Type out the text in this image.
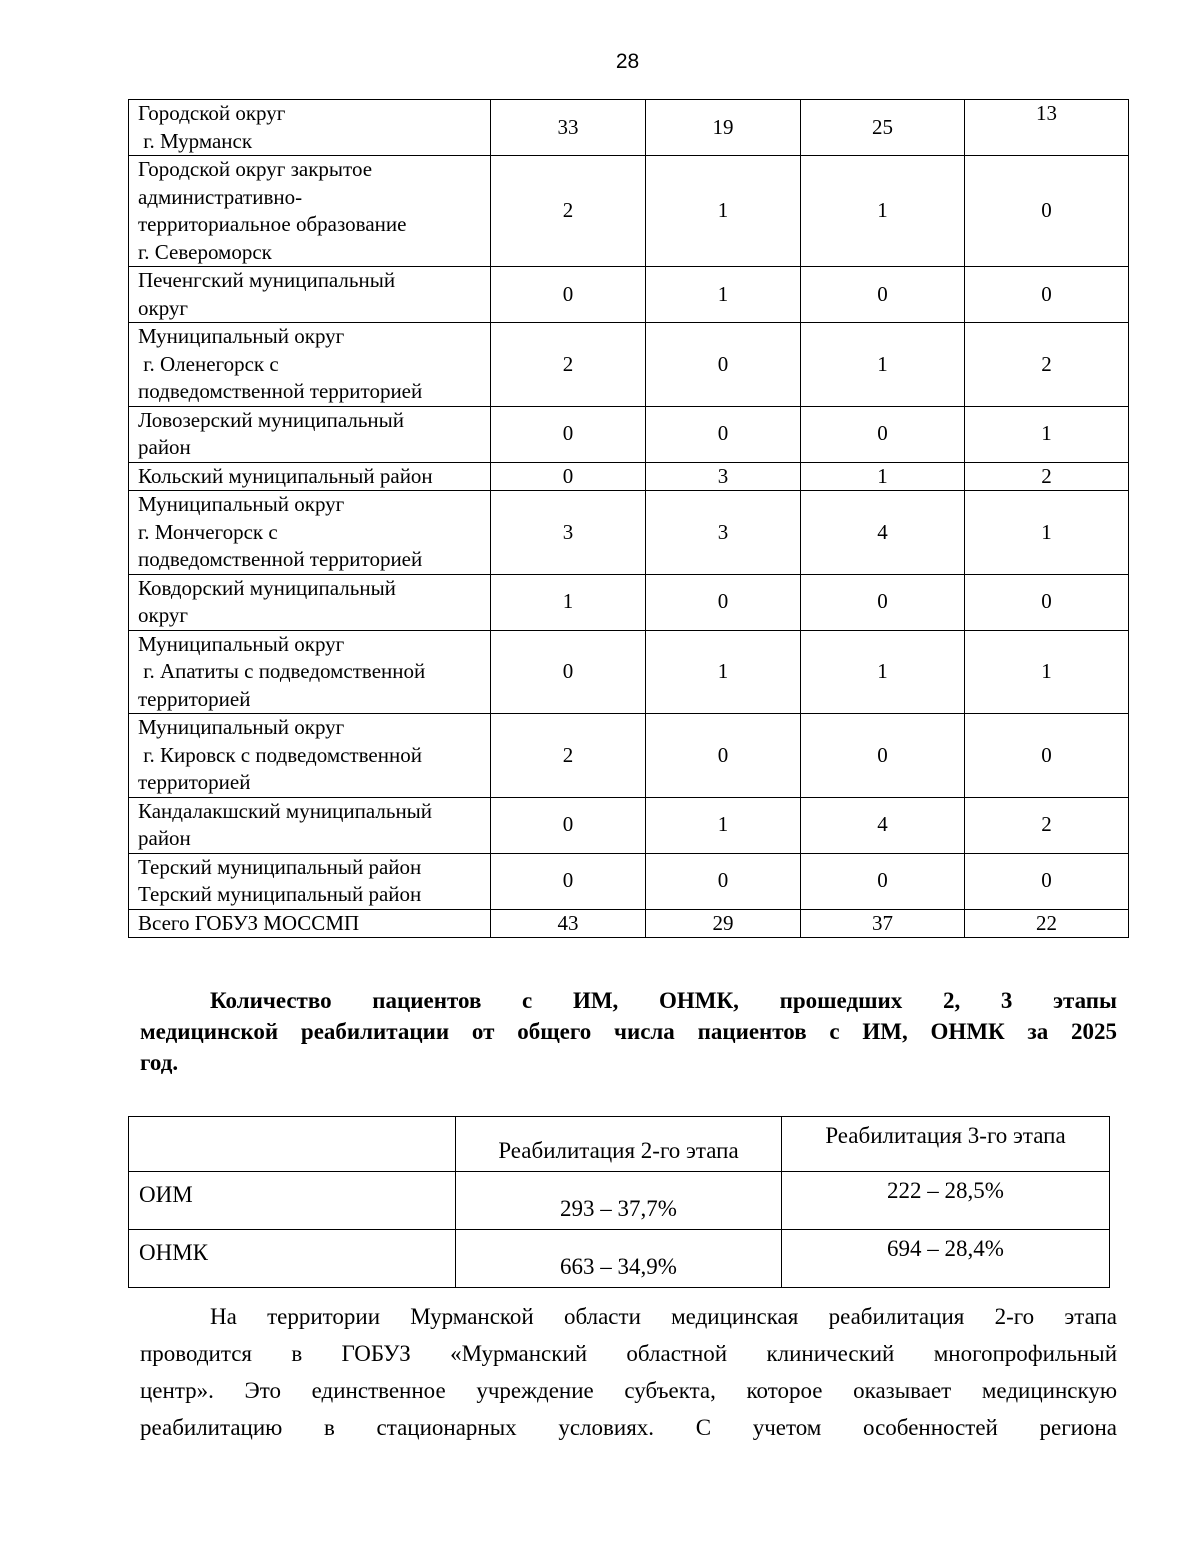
28
Городской округ
г. Мурманск	33	19	25	13

Городской округ закрытое
административно-
территориальное образование
г. Североморск	2	1	1	0

Печенгский муниципальный
округ	0	1	0	0

Муниципальный округ
г. Оленегорск с
подведомственной территорией	2	0	1	2

Ловозерский муниципальный
район	0	0	0	1

Кольский муниципальный район	0	3	1	2

Муниципальный округ
г. Мончегорск с
подведомственной территорией	3	3	4	1

Ковдорский муниципальный
округ	1	0	0	0

Муниципальный округ
г. Апатиты с подведомственной
территорией	0	1	1	1

Муниципальный округ
г. Кировск с подведомственной
территорией	2	0	0	0

Кандалакшский муниципальный
район	0	1	4	2

Терский муниципальный район
Терский муниципальный район	0	0	0	0

Всего ГОБУЗ МОССМП	43	29	37	22
Количество пациентов с ИМ, ОНМК, прошедших 2, 3 этапы
медицинской реабилитации от общего числа пациентов с ИМ, ОНМК за 2025
год.
	Реабилитация 2-го этапа	Реабилитация 3-го этапа
ОИМ	293 – 37,7%	222 – 28,5%
ОНМК	663 – 34,9%	694 – 28,4%
На территории Мурманской области медицинская реабилитация 2-го этапа
проводится в ГОБУЗ «Мурманский областной клинический многопрофильный
центр». Это единственное учреждение субъекта, которое оказывает медицинскую
реабилитацию в стационарных условиях. С учетом особенностей региона
